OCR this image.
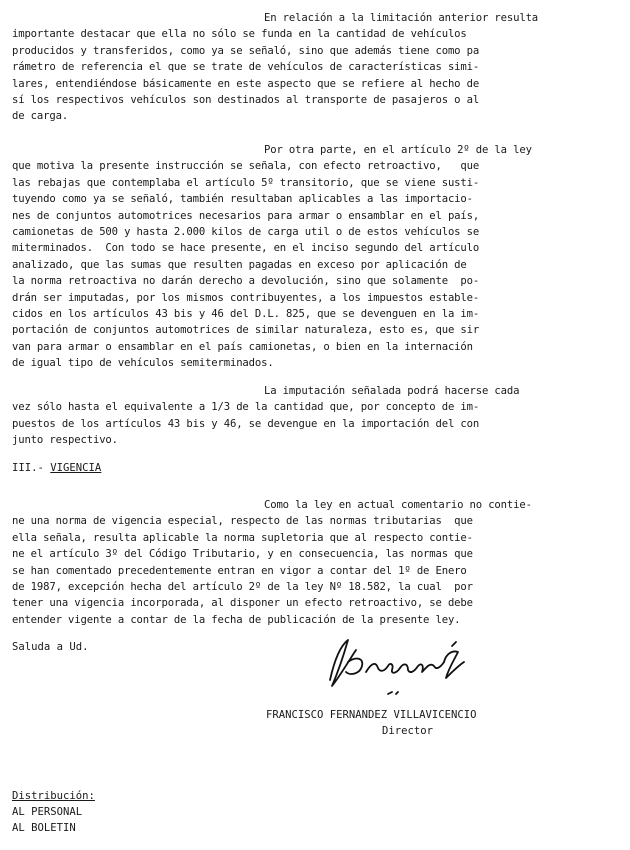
En relación a la limitación anterior resulta
importante destacar que ella no sólo se funda en la cantidad de vehículos
producidos y transferidos, como ya se señaló, sino que además tiene como pa
rámetro de referencia el que se trate de vehículos de características simi-
lares, entendiéndose básicamente en este aspecto que se refiere al hecho de
sí los respectivos vehículos son destinados al transporte de pasajeros o al
de carga.
Por otra parte, en el artículo 2º de la ley
que motiva la presente instrucción se señala, con efecto retroactivo,   que
las rebajas que contemplaba el artículo 5º transitorio, que se viene susti-
tuyendo como ya se señaló, también resultaban aplicables a las importacio-
nes de conjuntos automotrices necesarios para armar o ensamblar en el país,
camionetas de 500 y hasta 2.000 kilos de carga util o de estos vehículos se
miterminados.  Con todo se hace presente, en el inciso segundo del artículo
analizado, que las sumas que resulten pagadas en exceso por aplicación de
la norma retroactiva no darán derecho a devolución, sino que solamente  po-
drán ser imputadas, por los mismos contribuyentes, a los impuestos estable-
cidos en los artículos 43 bis y 46 del D.L. 825, que se devenguen en la im-
portación de conjuntos automotrices de similar naturaleza, esto es, que sir
van para armar o ensamblar en el país camionetas, o bien en la internación
de igual tipo de vehículos semiterminados.
La imputación señalada podrá hacerse cada
vez sólo hasta el equivalente a 1/3 de la cantidad que, por concepto de im-
puestos de los artículos 43 bis y 46, se devengue en la importación del con
junto respectivo.
III.- VIGENCIA
Como la ley en actual comentario no contie-
ne una norma de vigencia especial, respecto de las normas tributarias  que
ella señala, resulta aplicable la norma supletoria que al respecto contie-
ne el artículo 3º del Código Tributario, y en consecuencia, las normas que
se han comentado precedentemente entran en vigor a contar del 1º de Enero
de 1987, excepción hecha del artículo 2º de la ley Nº 18.582, la cual  por
tener una vigencia incorporada, al disponer un efecto retroactivo, se debe
entender vigente a contar de la fecha de publicación de la presente ley.
Saluda a Ud.
FRANCISCO FERNANDEZ VILLAVICENCIO
Director
Distribución:
AL PERSONAL
AL BOLETIN
